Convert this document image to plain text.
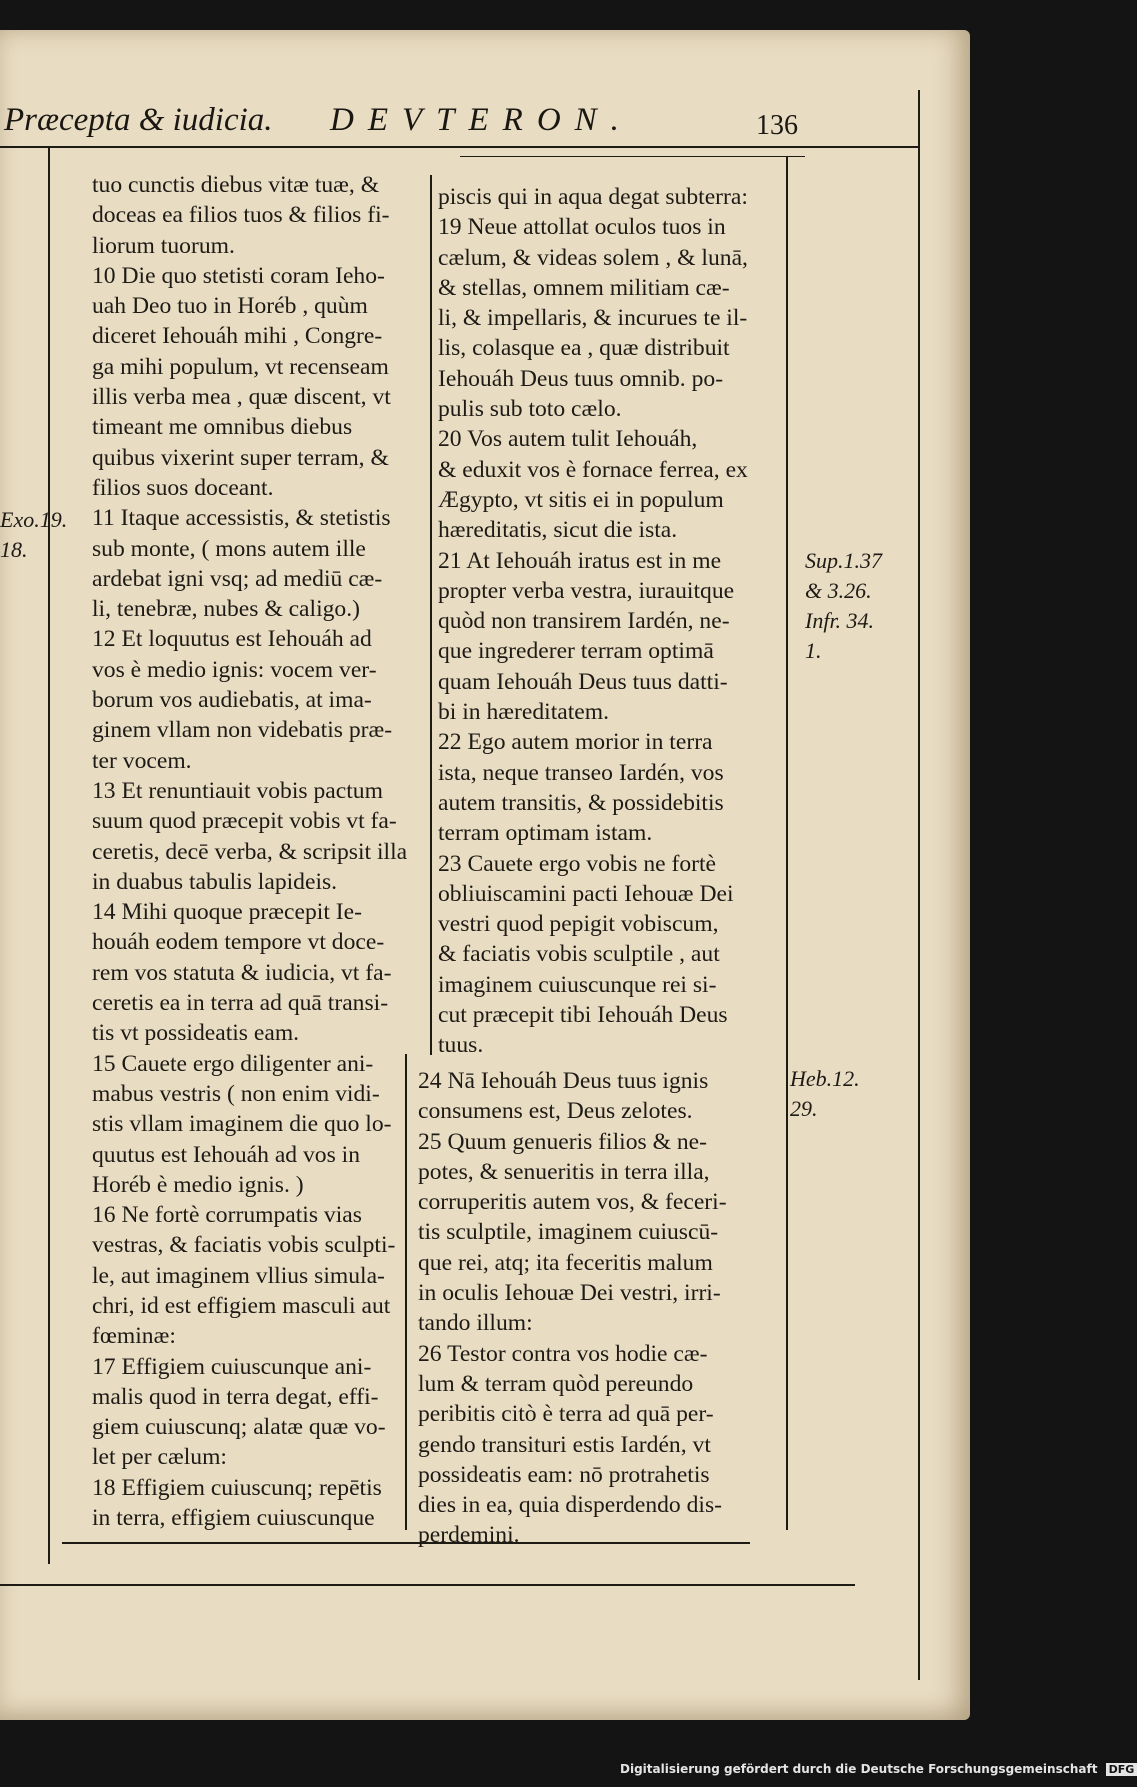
Præcepta & iudicia. DEVTERON.	136
Exo.19.
18.
tuo cunctis diebus vitæ tuæ, &
doceas ea filios tuos & filios fi-
liorum tuorum.
10 Die quo stetisti coram Ieho-
uah Deo tuo in Horéb , quùm
diceret Iehouáh mihi , Congre-
ga mihi populum, vt recenseam
illis verba mea , quæ discent, vt
timeant me omnibus diebus
quibus vixerint super terram, &
filios suos doceant.
11 Itaque accessistis, & stetistis
sub monte, ( mons autem ille
ardebat igni vsq; ad mediū cæ-
li, tenebræ, nubes & caligo.)
12 Et loquutus est Iehouáh ad
vos è medio ignis: vocem ver-
borum vos audiebatis, at ima-
ginem vllam non videbatis præ-
ter vocem.
13 Et renuntiauit vobis pactum
suum quod præcepit vobis vt fa-
ceretis, decē verba, & scripsit illa
in duabus tabulis lapideis.
14 Mihi quoque præcepit Ie-
houáh eodem tempore vt doce-
rem vos statuta & iudicia, vt fa-
ceretis ea in terra ad quā transi-
tis vt possideatis eam.
15 Cauete ergo diligenter ani-
mabus vestris ( non enim vidi-
stis vllam imaginem die quo lo-
quutus est Iehouáh ad vos in
Horéb è medio ignis. )
16 Ne fortè corrumpatis vias
vestras, & faciatis vobis sculpti-
le, aut imaginem vllius simula-
chri, id est effigiem masculi aut
fœminæ:
17 Effigiem cuiuscunque ani-
malis quod in terra degat, effi-
giem cuiuscunq; alatæ quæ vo-
let per cælum:
18 Effigiem cuiuscunq; repētis
in terra, effigiem cuiuscunque
piscis qui in aqua degat subterra:
19 Neue attollat oculos tuos in
cælum, & videas solem , & lunā,
& stellas, omnem militiam cæ-
li, & impellaris, & incurues te il-
lis, colasque ea , quæ distribuit
Iehouáh Deus tuus omnib. po-
pulis sub toto cælo.
20 Vos autem tulit Iehouáh,
& eduxit vos è fornace ferrea, ex
Ægypto, vt sitis ei in populum
hæreditatis, sicut die ista.
21 At Iehouáh iratus est in me
propter verba vestra, iurauitque
quòd non transirem Iardén, ne-
que ingrederer terram optimā
quam Iehouáh Deus tuus datti-
bi in hæreditatem.
22 Ego autem morior in terra
ista, neque transeo Iardén, vos
autem transitis, & possidebitis
terram optimam istam.
23 Cauete ergo vobis ne fortè
obliuiscamini pacti Iehouæ Dei
vestri quod pepigit vobiscum,
& faciatis vobis sculptile , aut
imaginem cuiuscunque rei si-
cut præcepit tibi Iehouáh Deus
tuus.
24 Nā Iehouáh Deus tuus ignis
consumens est, Deus zelotes.
25 Quum genueris filios & ne-
potes, & senueritis in terra illa,
corruperitis autem vos, & feceri-
tis sculptile, imaginem cuiuscū-
que rei, atq; ita feceritis malum
in oculis Iehouæ Dei vestri, irri-
tando illum:
26 Testor contra vos hodie cæ-
lum & terram quòd pereundo
peribitis citò è terra ad quā per-
gendo transituri estis Iardén, vt
possideatis eam: nō protrahetis
dies in ea, quia disperdendo dis-
perdemini.
Sup.1.37
& 3.26.
Infr. 34.
1.
Heb.12.
29.
Digitalisierung gefördert durch die Deutsche Forschungsgemeinschaft DFG
